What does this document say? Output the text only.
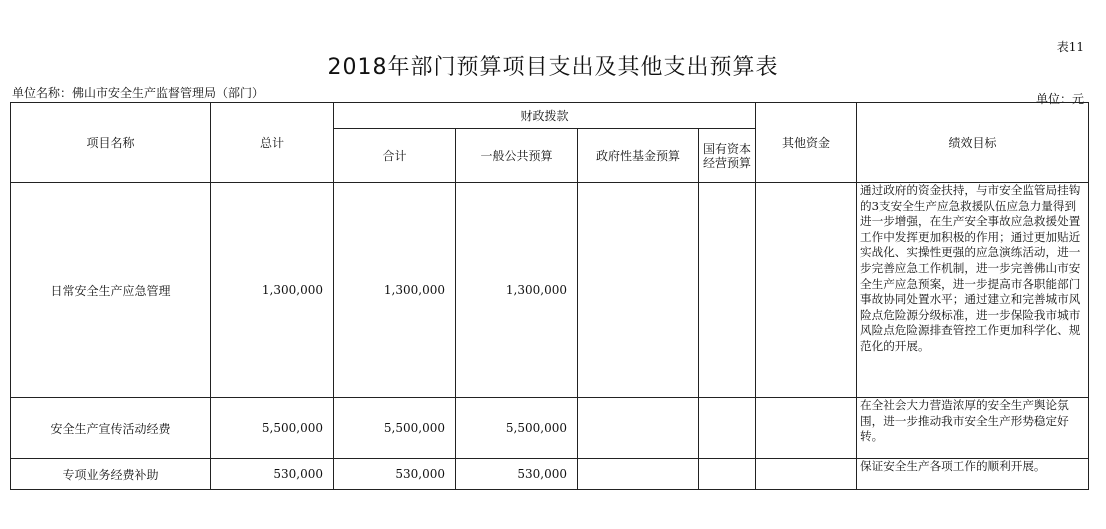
表11
2018年部门预算项目支出及其他支出预算表
单位名称：佛山市安全生产监督管理局（部门）	单位：元
项目名称	总计	财政拨款				其他资金	绩效目标
		合计	一般公共预算	政府性基金预算	国有资本经营预算		
日常安全生产应急管理	1,300,000	1,300,000	1,300,000				通过政府的资金扶持，与市安全监管局挂钩的3支安全生产应急救援队伍应急力量得到进一步增强，在生产安全事故应急救援处置工作中发挥更加积极的作用；通过更加贴近实战化、实操性更强的应急演练活动，进一步完善应急工作机制，进一步完善佛山市安全生产应急预案，进一步提高市各职能部门事故协同处置水平；通过建立和完善城市风险点危险源分级标准，进一步保险我市城市风险点危险源排查管控工作更加科学化、规范化的开展。
安全生产宣传活动经费	5,500,000	5,500,000	5,500,000				在全社会大力营造浓厚的安全生产舆论氛围，进一步推动我市安全生产形势稳定好转。
专项业务经费补助	530,000	530,000	530,000				保证安全生产各项工作的顺利开展。
